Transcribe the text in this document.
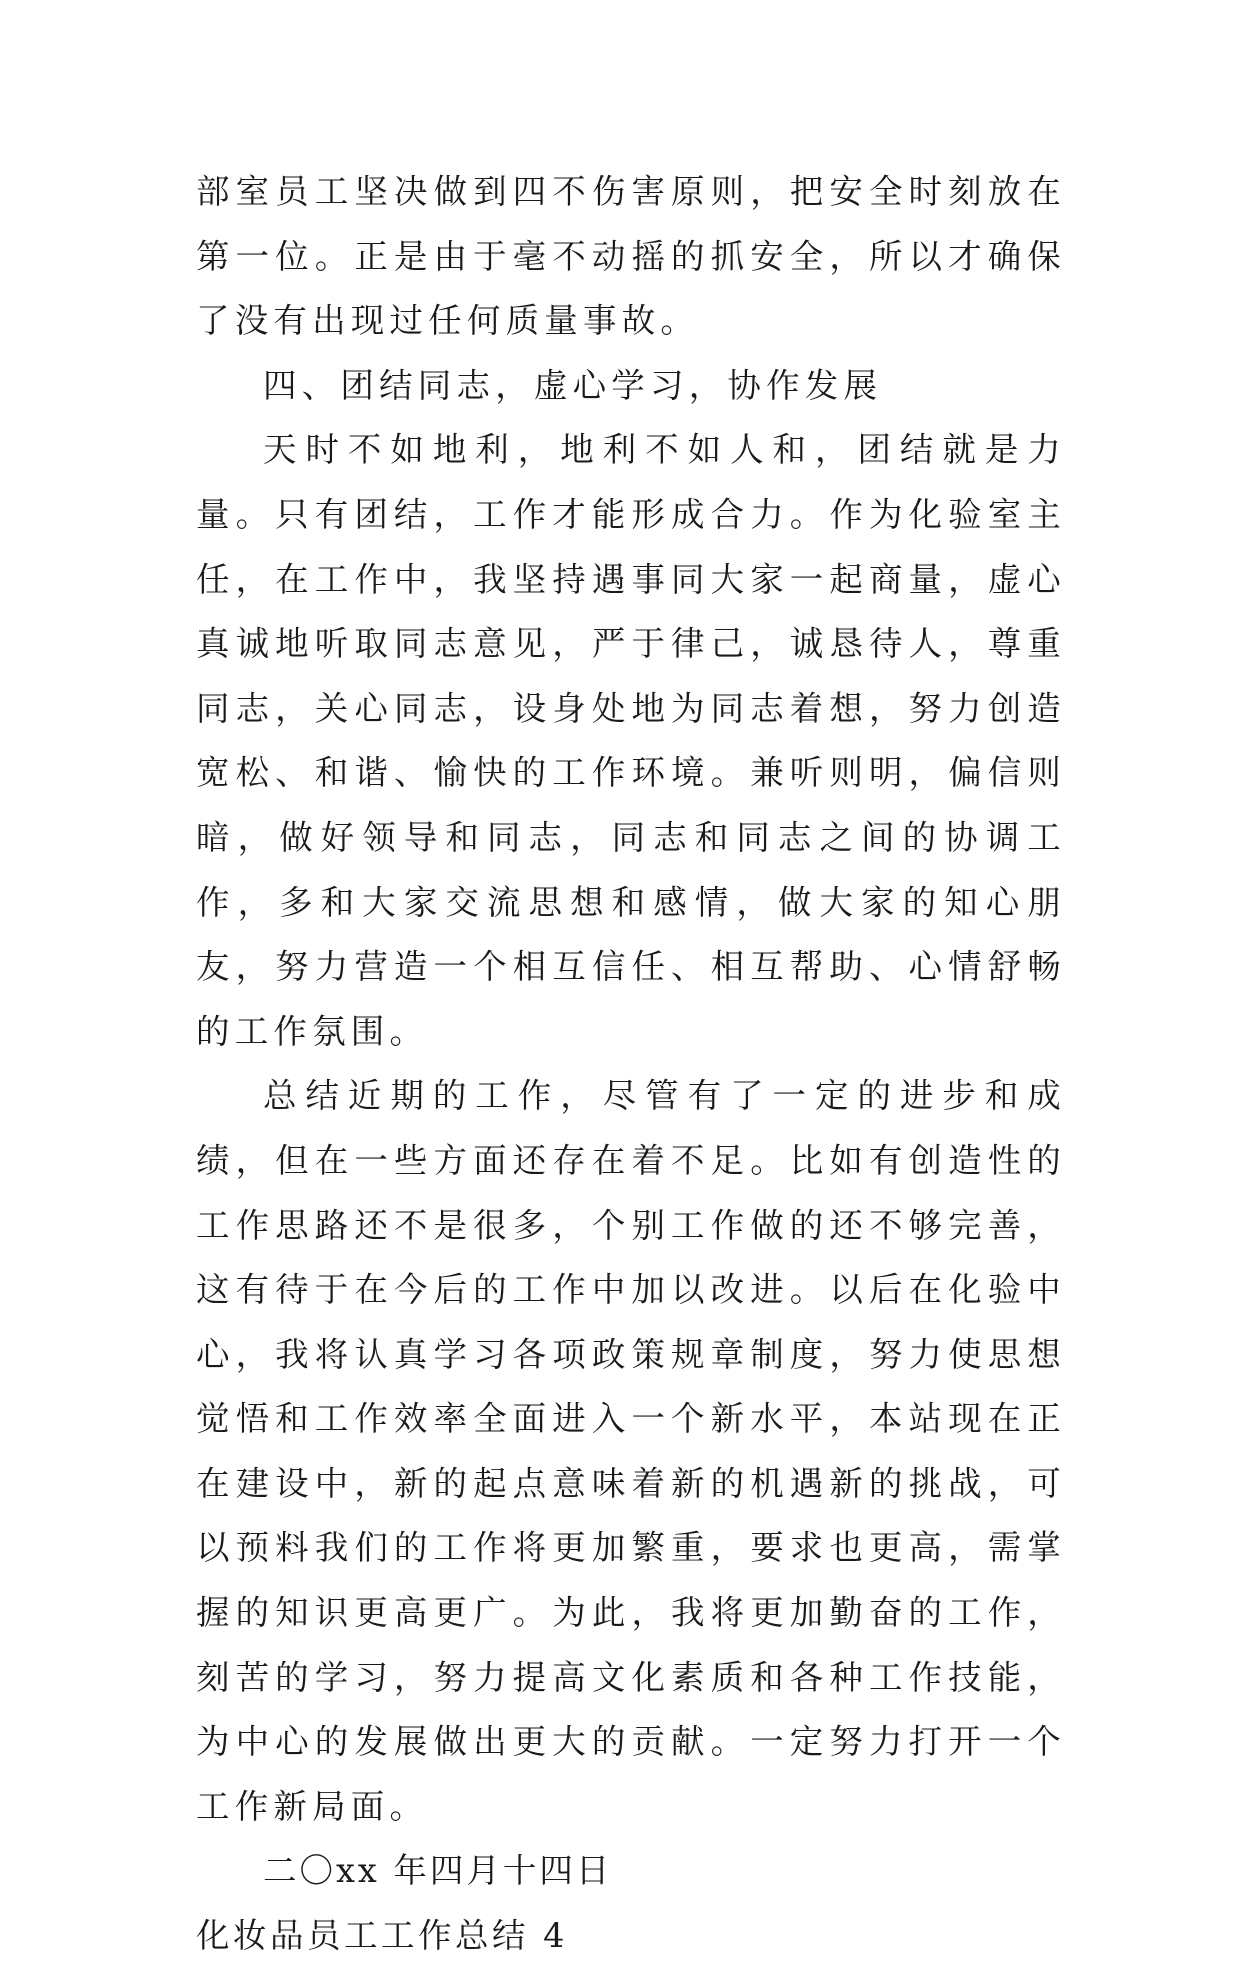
部室员工坚决做到四不伤害原则，把安全时刻放在第一位。正是由于毫不动摇的抓安全，所以才确保了没有出现过任何质量事故。

四、团结同志，虚心学习，协作发展

天时不如地利，地利不如人和，团结就是力量。只有团结，工作才能形成合力。作为化验室主任，在工作中，我坚持遇事同大家一起商量，虚心真诚地听取同志意见，严于律己，诚恳待人，尊重同志，关心同志，设身处地为同志着想，努力创造宽松、和谐、愉快的工作环境。兼听则明，偏信则暗，做好领导和同志，同志和同志之间的协调工作，多和大家交流思想和感情，做大家的知心朋友，努力营造一个相互信任、相互帮助、心情舒畅的工作氛围。

总结近期的工作，尽管有了一定的进步和成绩，但在一些方面还存在着不足。比如有创造性的工作思路还不是很多，个别工作做的还不够完善，这有待于在今后的工作中加以改进。以后在化验中心，我将认真学习各项政策规章制度，努力使思想觉悟和工作效率全面进入一个新水平，本站现在正在建设中，新的起点意味着新的机遇新的挑战，可以预料我们的工作将更加繁重，要求也更高，需掌握的知识更高更广。为此，我将更加勤奋的工作，刻苦的学习，努力提高文化素质和各种工作技能，为中心的发展做出更大的贡献。一定努力打开一个工作新局面。

二〇xx 年四月十四日

化妆品员工工作总结 4
